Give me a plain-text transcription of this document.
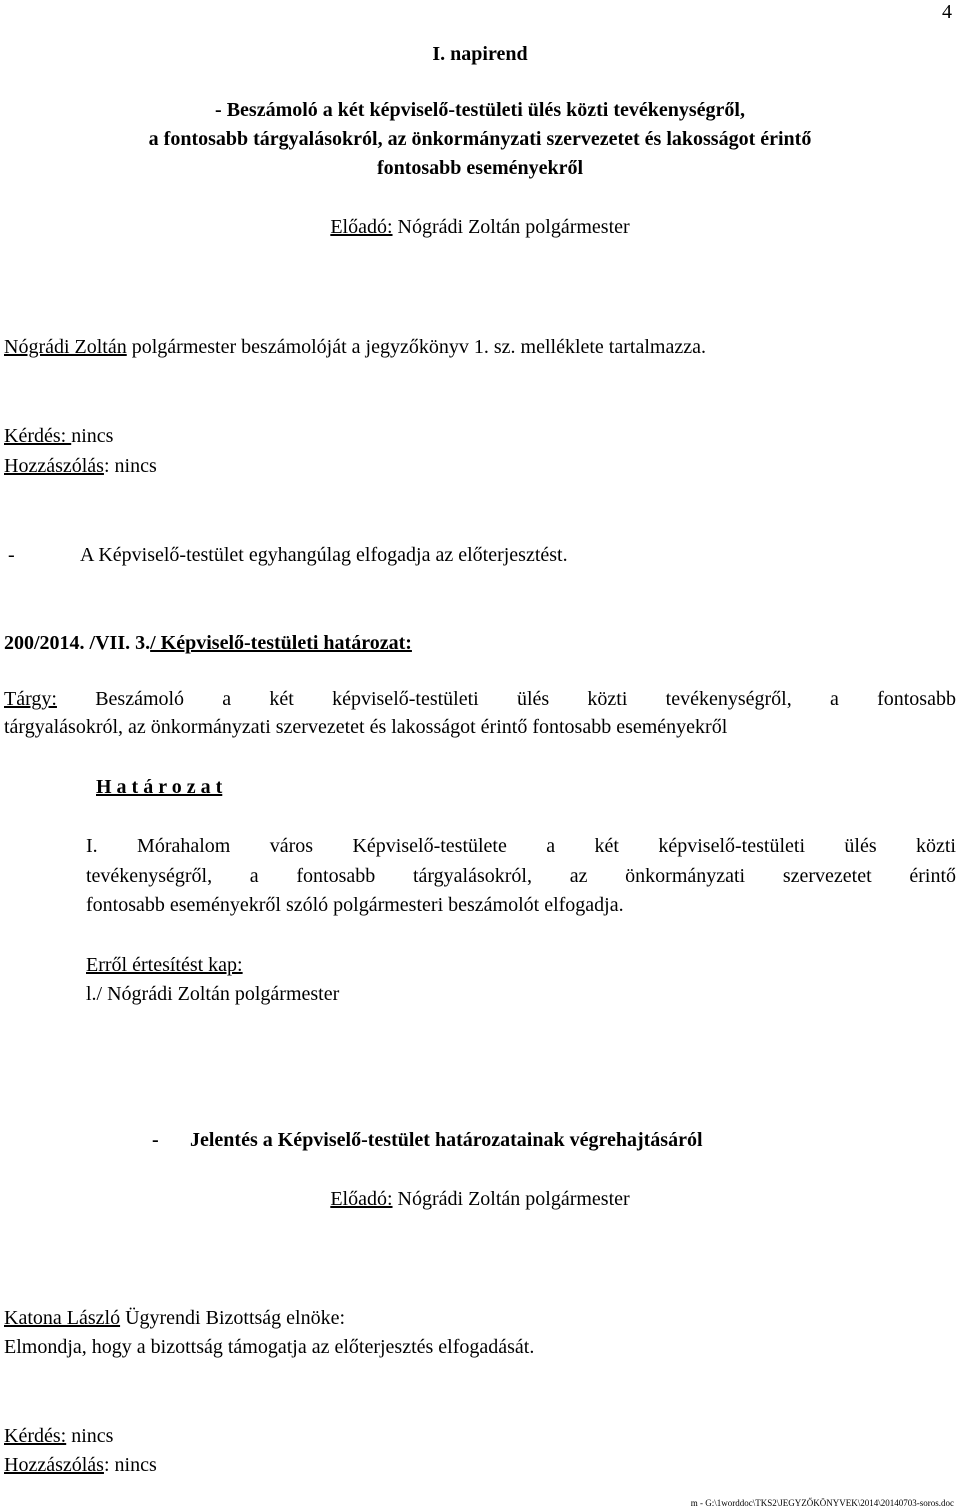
4
I. napirend
- Beszámoló a két képviselő-testületi ülés közti tevékenységről,
a fontosabb tárgyalásokról, az önkormányzati szervezetet és lakosságot érintő
fontosabb eseményekről
Előadó: Nógrádi Zoltán polgármester
Nógrádi Zoltán polgármester beszámolóját a jegyzőkönyv 1. sz. melléklete tartalmazza.
Kérdés: nincs
Hozzászólás: nincs
-	A Képviselő-testület egyhangúlag elfogadja az előterjesztést.
200/2014. /VII. 3./ Képviselő-testületi határozat:
Tárgy: Beszámoló a két képviselő-testületi ülés közti tevékenységről, a fontosabb
tárgyalásokról, az önkormányzati szervezetet és lakosságot érintő fontosabb eseményekről
H a t á r o z a t
I. Mórahalom város Képviselő-testülete a két képviselő-testületi ülés közti
tevékenységről, a fontosabb tárgyalásokról, az önkormányzati szervezetet érintő
fontosabb eseményekről szóló polgármesteri beszámolót elfogadja.
Erről értesítést kap:
l./ Nógrádi Zoltán polgármester
- Jelentés a Képviselő-testület határozatainak végrehajtásáról
Előadó: Nógrádi Zoltán polgármester
Katona László Ügyrendi Bizottság elnöke:
Elmondja, hogy a bizottság támogatja az előterjesztés elfogadását.
Kérdés: nincs
Hozzászólás: nincs
m - G:\1worddoc\TKS2\JEGYZŐKÖNYVEK\2014\20140703-soros.doc
